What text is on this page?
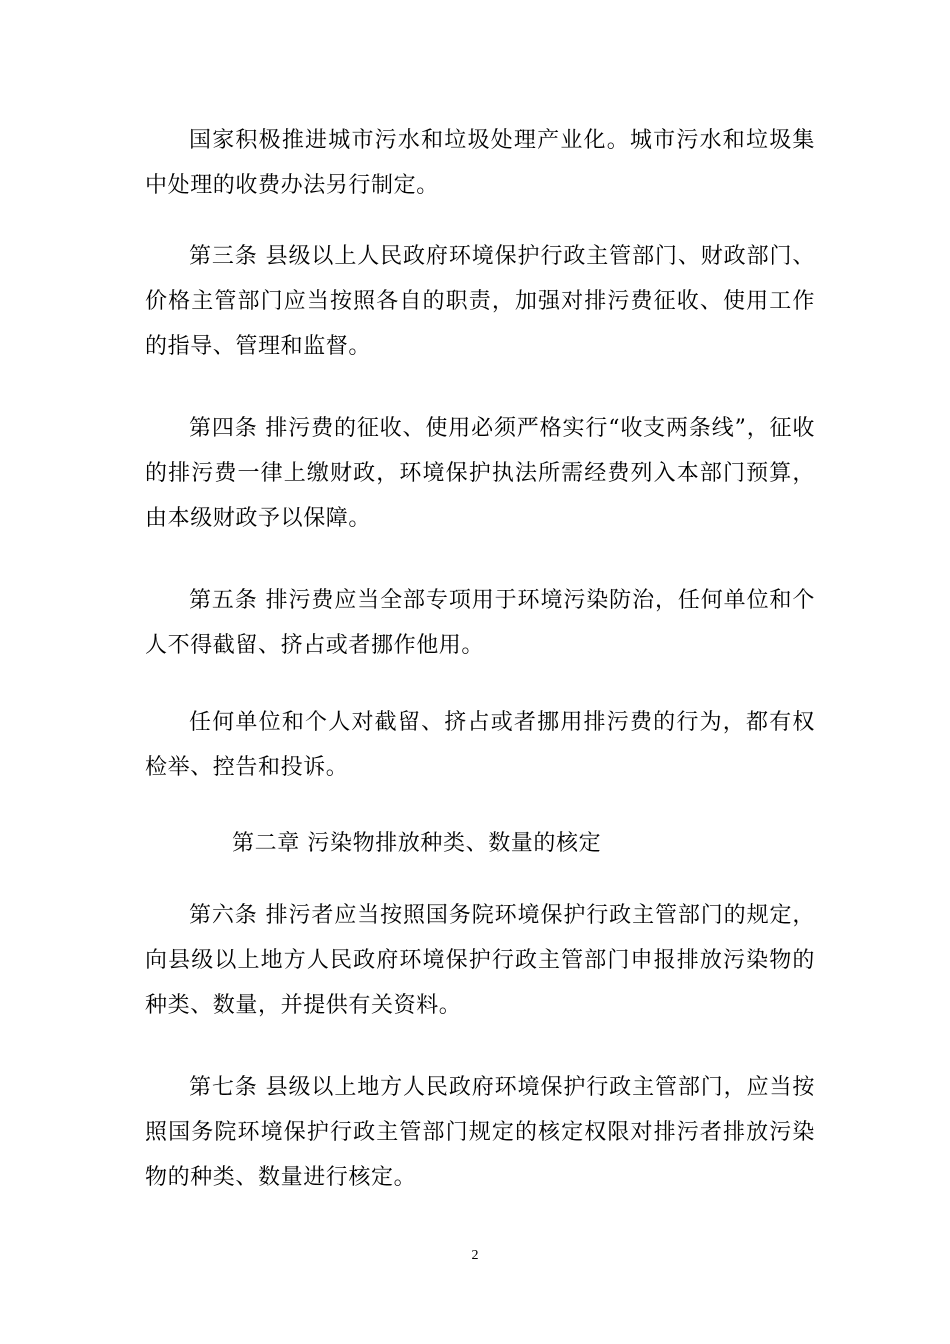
国家积极推进城市污水和垃圾处理产业化。城市污水和垃圾集中处理的收费办法另行制定。

第三条 县级以上人民政府环境保护行政主管部门、财政部门、价格主管部门应当按照各自的职责，加强对排污费征收、使用工作的指导、管理和监督。

第四条 排污费的征收、使用必须严格实行“收支两条线”，征收的排污费一律上缴财政，环境保护执法所需经费列入本部门预算，由本级财政予以保障。

第五条 排污费应当全部专项用于环境污染防治，任何单位和个人不得截留、挤占或者挪作他用。

任何单位和个人对截留、挤占或者挪用排污费的行为，都有权检举、控告和投诉。

第二章 污染物排放种类、数量的核定

第六条 排污者应当按照国务院环境保护行政主管部门的规定，向县级以上地方人民政府环境保护行政主管部门申报排放污染物的种类、数量，并提供有关资料。

第七条 县级以上地方人民政府环境保护行政主管部门，应当按照国务院环境保护行政主管部门规定的核定权限对排污者排放污染物的种类、数量进行核定。

2
